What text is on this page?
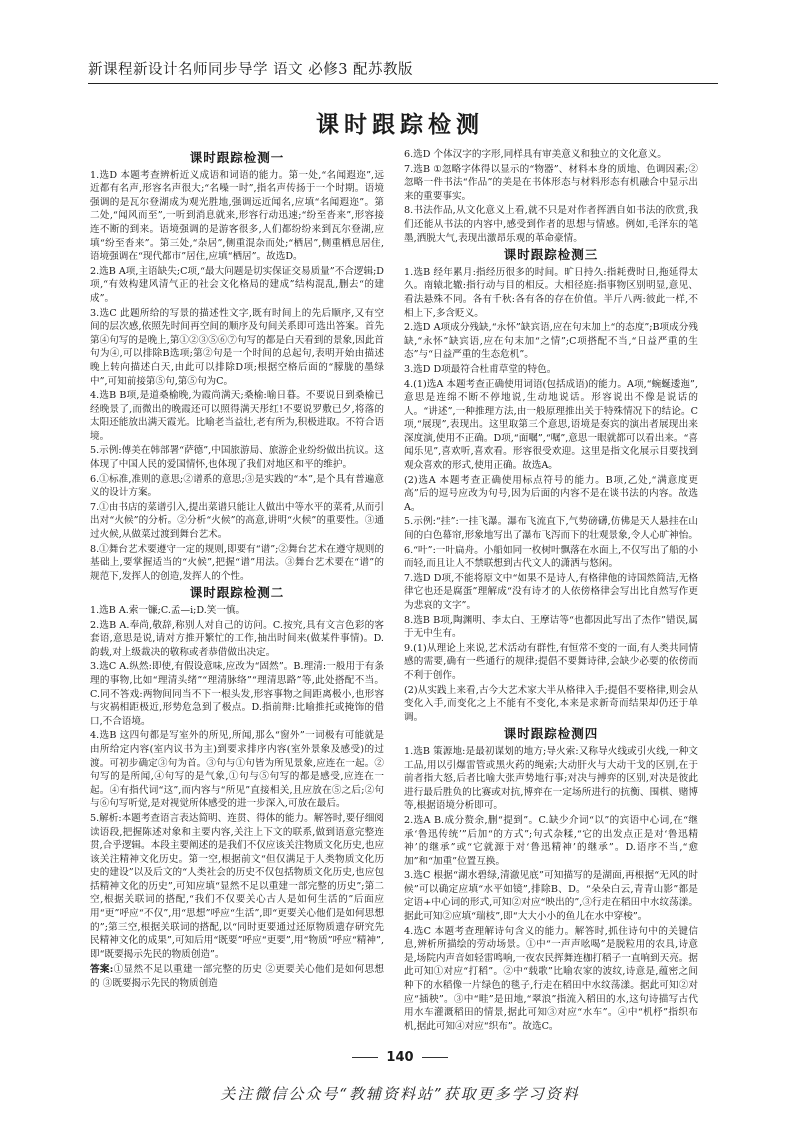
新课程新设计名师同步导学 语文 必修3 配苏教版
课时跟踪检测
课时跟踪检测一

1.选D 本题考查辨析近义成语和词语的能力。第一处,“名闻遐迩”,远近都有名声,形容名声很大;“名噪一时”,指名声传扬于一个时期。语境强调的是瓦尔登湖成为观光胜地,强调远近闻名,应填“名闻遐迩”。第二处,“闻风而至”,一听到消息就来,形容行动迅速;“纷至沓来”,形容接连不断的到来。语境强调的是游客很多,人们都纷纷来到瓦尔登湖,应填“纷至沓来”。第三处,“杂居”,侧重混杂而处;“栖居”,侧重栖息居住,语境强调在“现代都市”居住,应填“栖居”。故选D。

2.选B A项,主语缺失;C项,“最大问题是切实保证交易质量”不合逻辑;D项,“有效构建风清气正的社会文化格局的建成”结构混乱,删去“的建成”。

3.选C 此题所给的写景的描述性文字,既有时间上的先后顺序,又有空间的层次感,依照先时间再空间的顺序及句间关系即可选出答案。首先第④句写的是晚上,第①②③⑤⑥⑦句写的都是白天看到的景象,因此首句为④,可以排除B选项;第②句是一个时间的总起句,表明开始由描述晚上转向描述白天,由此可以排除D项;根据空格后面的“朦胧的墨绿中”,可知前接第⑤句,第⑤句为C。

4.选B B项,是道桑榆晚,为霞尚满天;桑榆:喻日暮。不要说日到桑榆已经晚景了,而微出的晚霞还可以照得满天彤红!不要说罗敷已夕,将落的太阳还能放出满天霞光。比喻老当益壮,老有所为,积极进取。不符合语境。

5.示例:傅美在韩部署“萨德”,中国旅游局、旅游企业纷纷做出抗议。这体现了中国人民的爱国情怀,也体现了我们对地区和平的维护。

6.①标准,准则的意思;②谱系的意思;③是实践的“本”,是个具有普遍意义的设计方案。

7.①由书店的菜谱引入,提出菜谱只能让人做出中等水平的菜肴,从而引出对“火候”的分析。②分析“火候”的高意,讲明“火候”的重要性。③通过火候,从做菜过渡到舞台艺术。

8.①舞台艺术要遵守一定的规则,即要有“谱”;②舞台艺术在遵守规则的基础上,要掌握适当的“火候”,把握“谱”用法。③舞台艺术要在“谱”的规范下,发挥人的创造,发挥人的个性。

课时跟踪检测二

1.选B A.索一镰;C.孟—i;D.笑一慎。

2.选B A.奉尚,敬辞,称别人对自己的访问。C.按究,具有文言色彩的客套语,意思是说,请对方推开繁忙的工作,抽出时间来(做某件事情)。D.韵载,对上级裁决的敬称或者恭借做出决定。

3.选C A.纵然:即使,有假设意味,应改为“固然”。B.理清:一般用于有条理的事物,比如“理清头绪”“理清脉络”“理清思路”等,此处搭配不当。C.同不答戏:两物间同当不下一根头发,形容事物之间距离极小,也形容与灾祸相距极近,形势危急到了极点。D.指前辩:比喻推托或掩饰的借口,不合语境。

4.选B 这四句都是写室外的所见,所闻,那么“窗外”一词极有可能就是由所给定内容(室内议书为主)到要求排序内容(室外景象及感受)的过渡。可初步确定③句为首。③句与①句皆为所见景象,应连在一起。②句写的是所闻,④句写的是气象,①句与⑤句写的都是感受,应连在一起。④有指代词“这”,而内容与“所见”直接相关,且应放在⑤之后;②句与⑥句写听觉,是对视觉所体感受的进一步深入,可放在最后。

5.解析:本题考查语言表达简明、连贯、得体的能力。解答时,要仔细阅读语段,把握陈述对象和主要内容,关注上下文的联系,做到语意完整连贯,合乎逻辑。本段主要阐述的是我们不仅应该关注物质文化历史,也应该关注精神文化历史。第一空,根据前文“但仅满足于人类物质文化历史的建设”以及后文的“人类社会的历史不仅包括物质文化历史,也应包括精神文化的历史”,可知应填“显然不足以重建一部完整的历史”;第二空,根据关联词的搭配,“我们不仅要关心古人是如何生活的”后面应用“更”呼应“不仅”,用“思想”呼应“生活”,即“更要关心他们是如何思想的”;第三空,根据关联词的搭配,以“同时更要通过还原物质遗存研究先民精神文化的成果”,可知后用“既要”呼应“更要”,用“物质”呼应“精神”,即“既要揭示先民的物质创造”。

答案:①显然不足以重建一部完整的历史 ②更要关心他们是如何思想的 ③既要揭示先民的物质创造

6.选D 个体汉字的字形,同样具有审美意义和独立的文化意义。

7.选B ①忽略字体得以显示的“物器”、材料本身的质地、色调因素;②忽略一件书法“作品”的美是在书体形态与材料形态有机融合中显示出来的重要事实。

8.书法作品,从文化意义上看,就不只是对作者挥洒自如书法的欣赏,我们还能从书法的内容中,感受到作者的思想与情感。例如,毛泽东的笔墨,洒脱大气,表现出激昂乐观的革命豪情。

课时跟踪检测三

1.选B 经年累月:指经历很多的时间。旷日持久:指耗费时日,拖延得太久。南辕北辙:指行动与目的相反。大相径庭:指事物区别明显,意见、看法悬殊不同。各有千秋:各有各的存在价值。半斤八两:彼此一样,不相上下,多含贬义。

2.选D A项成分残缺,“永怀”缺宾语,应在句末加上“的态度”;B项成分残缺,“永怀”缺宾语,应在句末加“之情”;C项搭配不当,“日益严重的生态”与“日益严重的生态危机”。

3.选D D项最符合杜甫草堂的特色。

4.(1)选A 本题考查正确使用词语(包括成语)的能力。A项,“蜿蜒逶迤”,意思是连绵不断不停地说,生动地说话。形容说出不像是说话的人。“讲述”,一种推理方法,由一般原理推出关于特殊情况下的结论。C项,“展现”,表现出。这里取第三个意思,语境是奏宾的演出者展现出来深度演,使用不正确。D项,“面嘱”,“嘱”,意思一眼就都可以看出来。“喜闻乐见”,喜欢听,喜欢看。形容很受欢迎。这里是指文化展示目要找到观众喜欢的形式,使用正确。故选A。

(2)选A 本题考查正确使用标点符号的能力。B项,乙处,“满意度更高”后的逗号应改为句号,因为后面的内容不是在谈书法的内容。故选A。

5.示例:“挂”:一挂飞瀑。瀑布飞流直下,气势磅礴,仿佛是天人悬挂在山间的白色幕帘,形象地写出了瀑布飞泻而下的壮观景象,令人心旷神怡。

6.“叶”:一叶扁舟。小船如同一枚树叶飘落在水面上,不仅写出了船的小而轻,而且让人不禁联想到古代文人的潇洒与悠闲。

7.选D D项,不能将原文中“如果不是诗人,有格律他的诗国然简洁,无格律它也还是腐蛋”理解成“没有诗才的人依傍格律会写出比自然写作更为悲哀的文字”。

8.选B B项,陶渊明、李太白、王摩诘等“也都因此写出了杰作”错误,属于无中生有。

9.(1)从理论上来说,艺术活动有群性,有恒常不变的一面,有人类共同情感的需要,确有一些通行的规律;提倡不要舞诗律,会缺少必要的依傍而不利于创作。

(2)从实践上来看,古今大艺术家大半从格律入手;提倡不要格律,则会从变化入手,而变化之上不能有不变化,本来是求新奇而结果却仍还于单调。

课时跟踪检测四

1.选B 策源地:是最初谋划的地方;导火索:又称导火线或引火线,一种文工品,用以引爆雷管或黑火药的绳索;大动肝火与大动干戈的区别,在于前者指大怒,后者比喻大张声势地行事;对决与搏弈的区别,对决是彼此进行最后胜负的比赛或对抗,博弈在一定场所进行的抗衡、围棋、赌博等,根据语境分析即可。

2.选A B.成分赘余,删“提到”。C.缺少介词“以”的宾语中心词,在“继承‘鲁迅传统’”后加“的方式”;句式杂糅,“它的出发点正是对‘鲁迅精神’的继承”或“它就源于对‘鲁迅精神’的继承”。D.语序不当,“愈加”和“加重”位置互换。

3.选C 根据“湖水碧绿,清澈见底”可知描写的是湖面,再根据“无风的时候”可以确定应填“水平如镜”,排除B、D。“朵朵白云,青青山影”都是定语+中心词的形式,可知②对应“映出的”,③行走在稻田中水纹荡漾。据此可知②应填“瑞枝”,即“大大小小的鱼儿在水中穿梭”。

4.选C 本题考查理解诗句含义的能力。解答时,抓住诗句中的关键信息,辨析所描绘的劳动场景。①中“一声声吆喝”是脱粒用的农具,诗意是,场院内声音如轻雷鸣响,一夜农民挥舞连枷打稻子一直响到天亮。据此可知①对应“打稻”。②中“载歌”比喻农家的波纹,诗意是,蕴密之间种下的水稻像一片绿色的毯子,行走在稻田中水纹荡漾。据此可知②对应“插秧”。③中“畦”是田地,“翠浪”指流入稻田的水,这句诗描写古代用水车灌溉稻田的情景,据此可知③对应“水车”。④中“机杼”指织布机,据此可知④对应“织布”。故选C。

140
关注微信公众号“教辅资料站”获取更多学习资料
